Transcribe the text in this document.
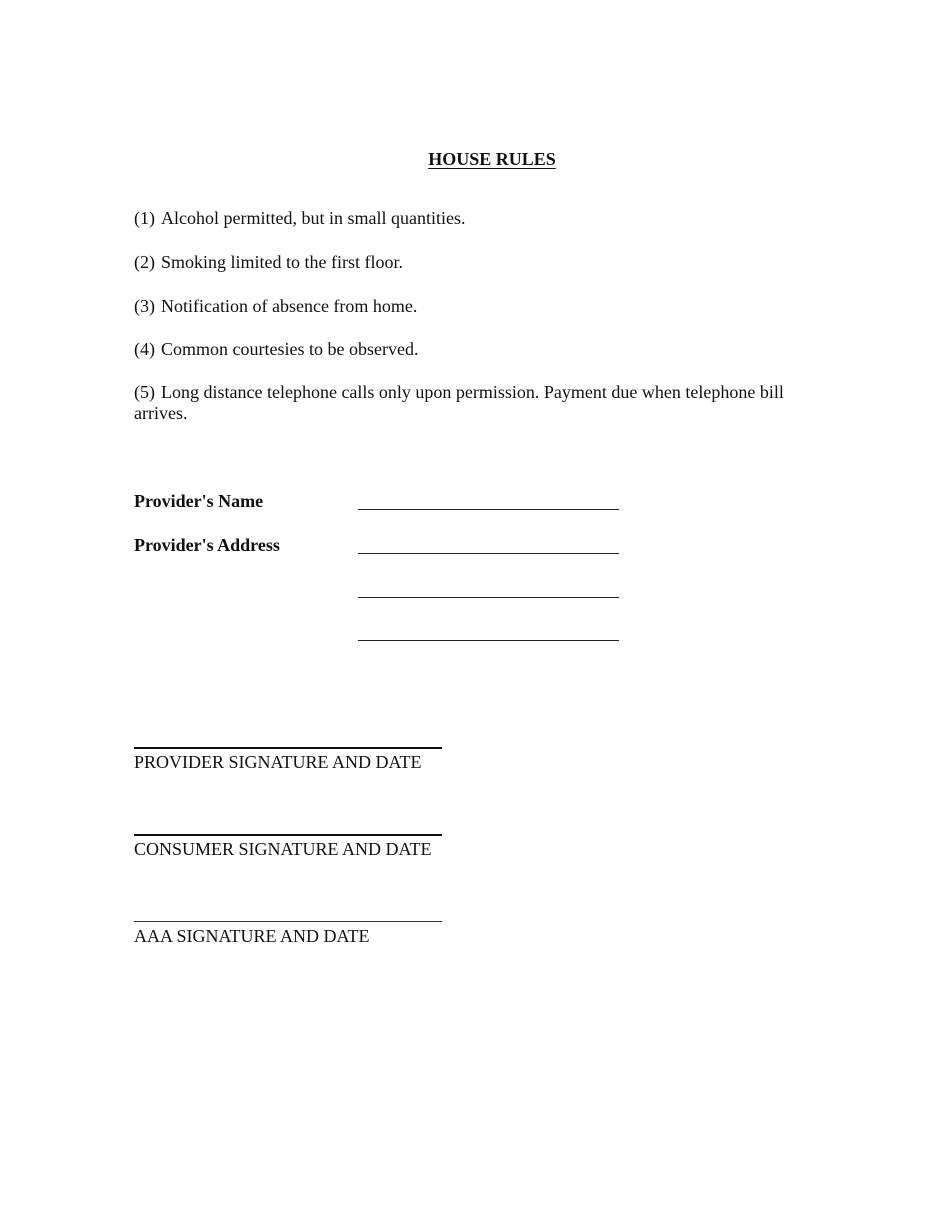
HOUSE RULES

(1) Alcohol permitted, but in small quantities.

(2) Smoking limited to the first floor.

(3) Notification of absence from home.

(4) Common courtesies to be observed.

(5) Long distance telephone calls only upon permission. Payment due when telephone bill arrives.

Provider's Name
Provider's Address
PROVIDER SIGNATURE AND DATE
CONSUMER SIGNATURE AND DATE
AAA SIGNATURE AND DATE
